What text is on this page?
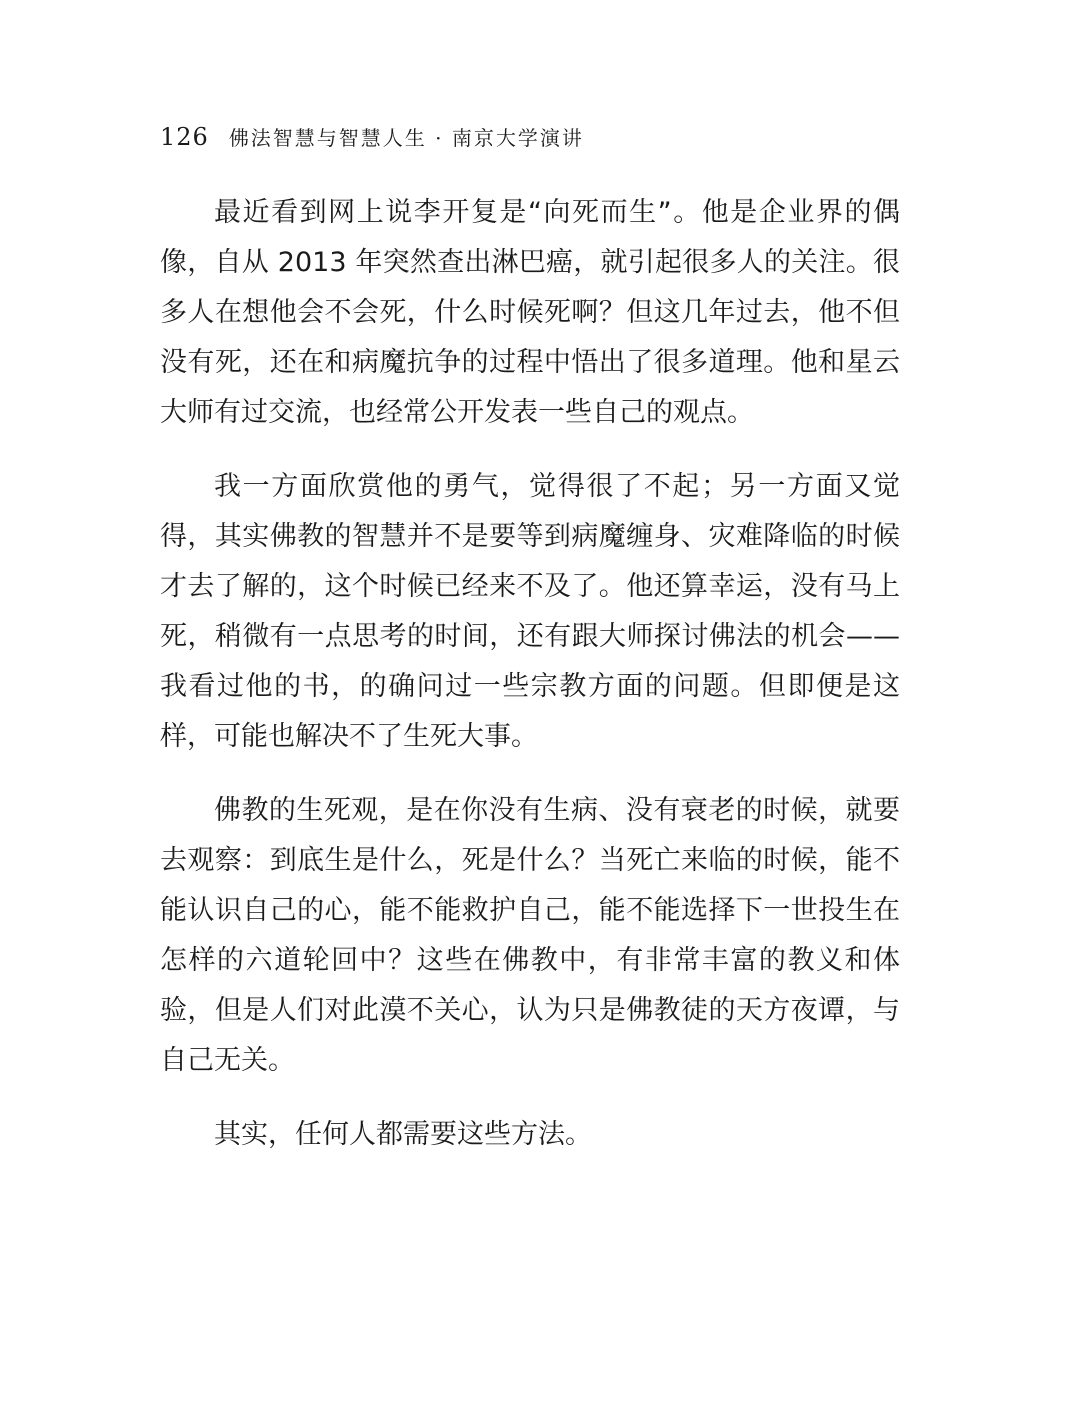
126 佛法智慧与智慧人生 · 南京大学演讲

最近看到网上说李开复是“向死而生”。他是企业界的偶像，自从 2013 年突然查出淋巴癌，就引起很多人的关注。很多人在想他会不会死，什么时候死啊？但这几年过去，他不但没有死，还在和病魔抗争的过程中悟出了很多道理。他和星云大师有过交流，也经常公开发表一些自己的观点。

我一方面欣赏他的勇气，觉得很了不起；另一方面又觉得，其实佛教的智慧并不是要等到病魔缠身、灾难降临的时候才去了解的，这个时候已经来不及了。他还算幸运，没有马上死，稍微有一点思考的时间，还有跟大师探讨佛法的机会——我看过他的书，的确问过一些宗教方面的问题。但即便是这样，可能也解决不了生死大事。

佛教的生死观，是在你没有生病、没有衰老的时候，就要去观察：到底生是什么，死是什么？当死亡来临的时候，能不能认识自己的心，能不能救护自己，能不能选择下一世投生在怎样的六道轮回中？这些在佛教中，有非常丰富的教义和体验，但是人们对此漠不关心，认为只是佛教徒的天方夜谭，与自己无关。

其实，任何人都需要这些方法。
